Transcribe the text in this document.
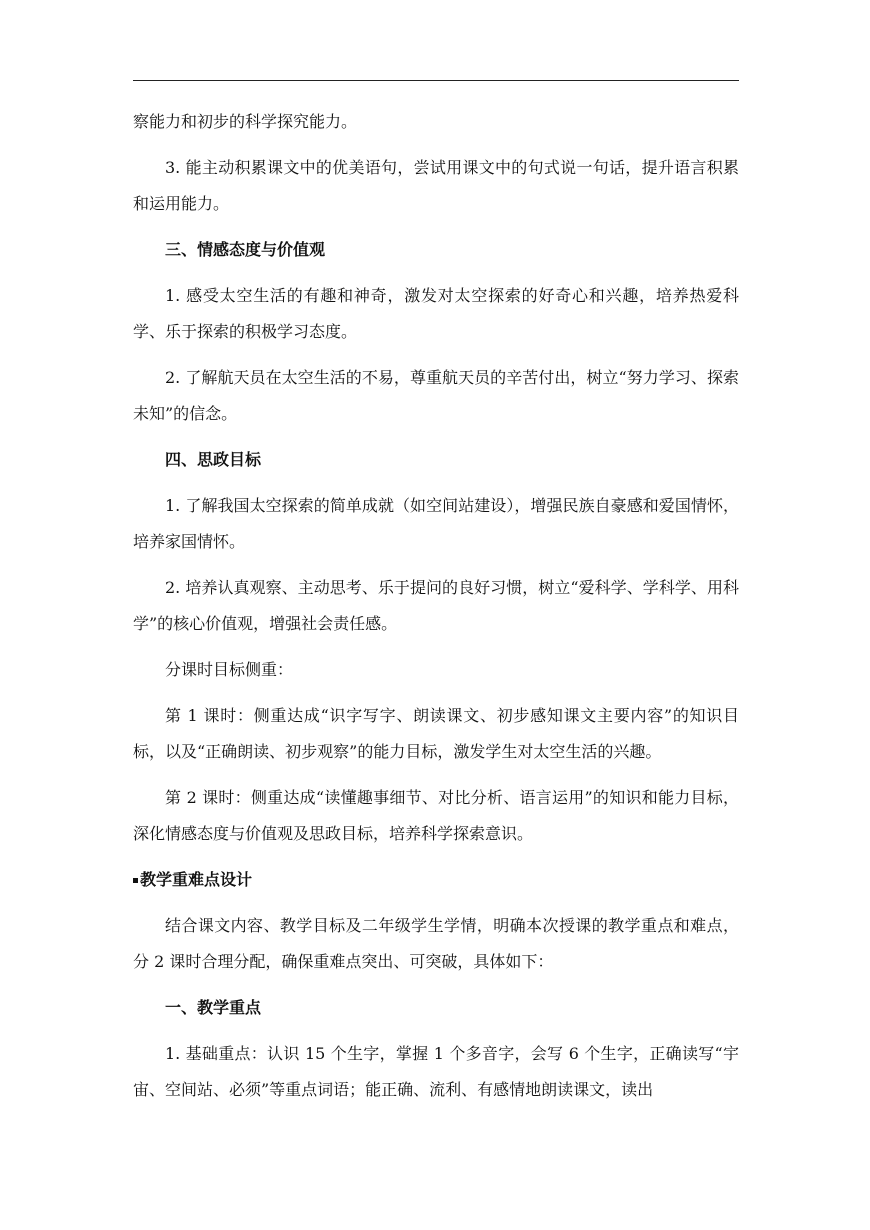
察能力和初步的科学探究能力。

3. 能主动积累课文中的优美语句，尝试用课文中的句式说一句话，提升语言积累和运用能力。

三、情感态度与价值观

1. 感受太空生活的有趣和神奇，激发对太空探索的好奇心和兴趣，培养热爱科学、乐于探索的积极学习态度。

2. 了解航天员在太空生活的不易，尊重航天员的辛苦付出，树立“努力学习、探索未知”的信念。

四、思政目标

1. 了解我国太空探索的简单成就（如空间站建设），增强民族自豪感和爱国情怀，培养家国情怀。

2. 培养认真观察、主动思考、乐于提问的良好习惯，树立“爱科学、学科学、用科学”的核心价值观，增强社会责任感。

分课时目标侧重：

第 1 课时：侧重达成“识字写字、朗读课文、初步感知课文主要内容”的知识目标，以及“正确朗读、初步观察”的能力目标，激发学生对太空生活的兴趣。

第 2 课时：侧重达成“读懂趣事细节、对比分析、语言运用”的知识和能力目标，深化情感态度与价值观及思政目标，培养科学探索意识。

教学重难点设计

结合课文内容、教学目标及二年级学生学情，明确本次授课的教学重点和难点，分 2 课时合理分配，确保重难点突出、可突破，具体如下：

一、教学重点

1. 基础重点：认识 15 个生字，掌握 1 个多音字，会写 6 个生字，正确读写“宇宙、空间站、必须”等重点词语；能正确、流利、有感情地朗读课文，读出
